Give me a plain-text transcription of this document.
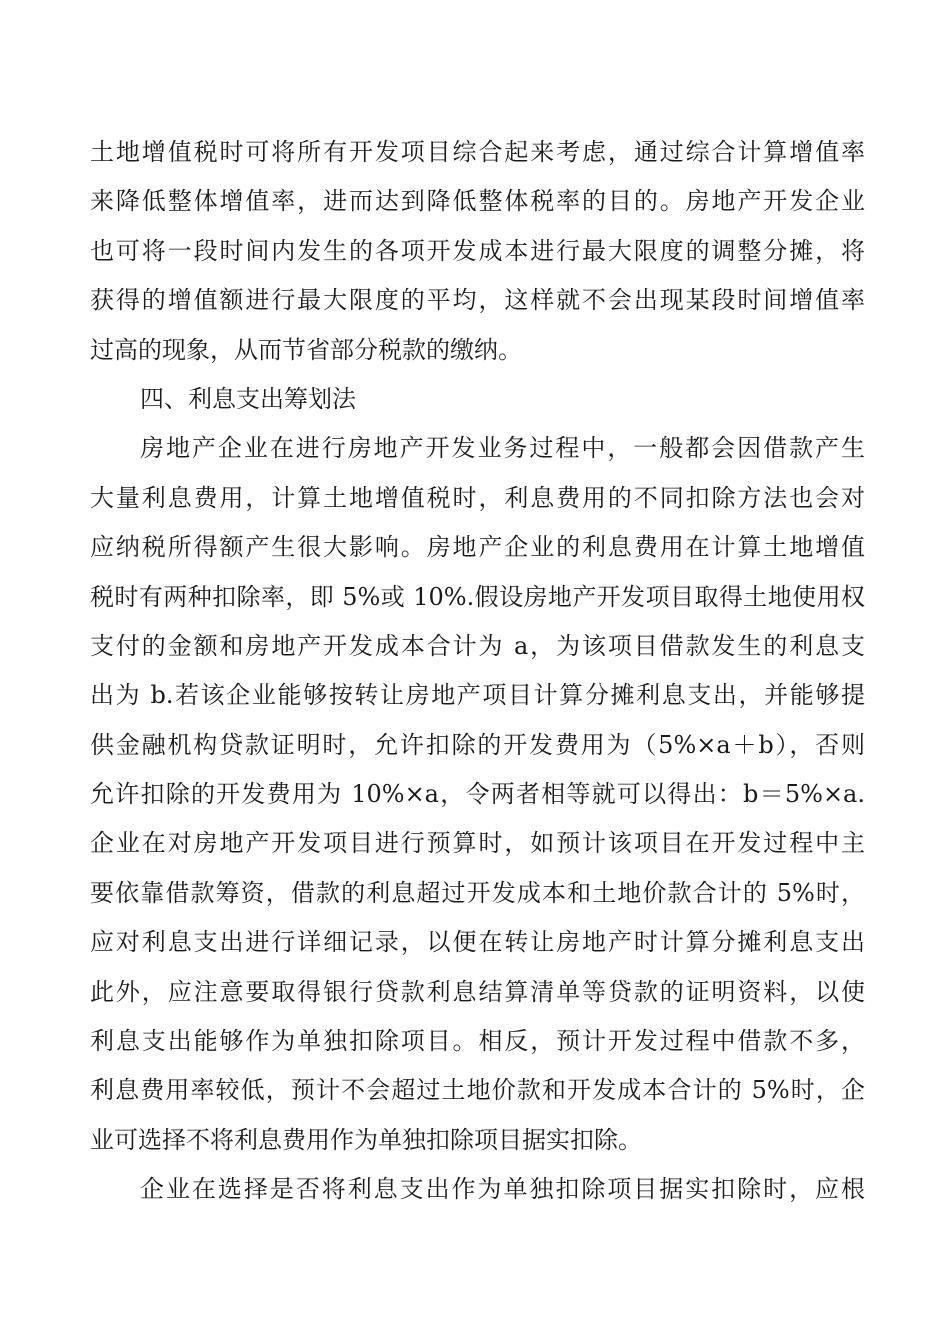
土地增值税时可将所有开发项目综合起来考虑，通过综合计算增值率
来降低整体增值率，进而达到降低整体税率的目的。房地产开发企业
也可将一段时间内发生的各项开发成本进行最大限度的调整分摊，将
获得的增值额进行最大限度的平均，这样就不会出现某段时间增值率
过高的现象，从而节省部分税款的缴纳。
四、利息支出筹划法
房地产企业在进行房地产开发业务过程中，一般都会因借款产生
大量利息费用，计算土地增值税时，利息费用的不同扣除方法也会对
应纳税所得额产生很大影响。房地产企业的利息费用在计算土地增值
税时有两种扣除率，即 5%或 10%.假设房地产开发项目取得土地使用权
支付的金额和房地产开发成本合计为 a，为该项目借款发生的利息支
出为 b.若该企业能够按转让房地产项目计算分摊利息支出，并能够提
供金融机构贷款证明时，允许扣除的开发费用为（5%×a＋b），否则
允许扣除的开发费用为 10%×a，令两者相等就可以得出：b＝5%×a.
企业在对房地产开发项目进行预算时，如预计该项目在开发过程中主
要依靠借款筹资，借款的利息超过开发成本和土地价款合计的 5%时，
应对利息支出进行详细记录，以便在转让房地产时计算分摊利息支出
此外，应注意要取得银行贷款利息结算清单等贷款的证明资料，以使
利息支出能够作为单独扣除项目。相反，预计开发过程中借款不多，
利息费用率较低，预计不会超过土地价款和开发成本合计的 5%时，企
业可选择不将利息费用作为单独扣除项目据实扣除。
企业在选择是否将利息支出作为单独扣除项目据实扣除时，应根
